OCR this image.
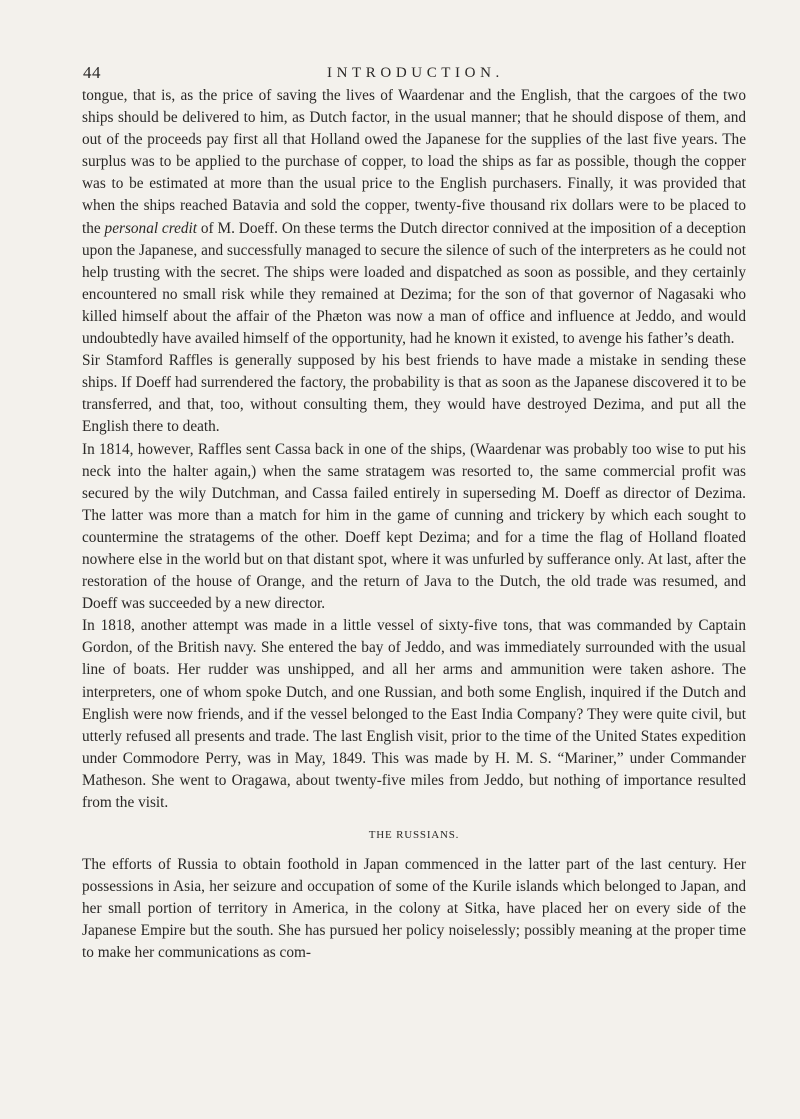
44	INTRODUCTION.

tongue, that is, as the price of saving the lives of Waardenar and the English, that the cargoes of the two ships should be delivered to him, as Dutch factor, in the usual manner; that he should dispose of them, and out of the proceeds pay first all that Holland owed the Japanese for the supplies of the last five years. The surplus was to be applied to the purchase of copper, to load the ships as far as possible, though the copper was to be estimated at more than the usual price to the English purchasers. Finally, it was provided that when the ships reached Batavia and sold the copper, twenty-five thousand rix dollars were to be placed to the personal credit of M. Doeff. On these terms the Dutch director connived at the imposition of a deception upon the Japanese, and successfully managed to secure the silence of such of the interpreters as he could not help trusting with the secret. The ships were loaded and dispatched as soon as possible, and they certainly encountered no small risk while they remained at Dezima; for the son of that governor of Nagasaki who killed himself about the affair of the Phæton was now a man of office and influence at Jeddo, and would undoubtedly have availed himself of the opportunity, had he known it existed, to avenge his father’s death.

Sir Stamford Raffles is generally supposed by his best friends to have made a mistake in sending these ships. If Doeff had surrendered the factory, the probability is that as soon as the Japanese discovered it to be transferred, and that, too, without consulting them, they would have destroyed Dezima, and put all the English there to death.

In 1814, however, Raffles sent Cassa back in one of the ships, (Waardenar was probably too wise to put his neck into the halter again,) when the same stratagem was resorted to, the same commercial profit was secured by the wily Dutchman, and Cassa failed entirely in superseding M. Doeff as director of Dezima. The latter was more than a match for him in the game of cunning and trickery by which each sought to countermine the stratagems of the other. Doeff kept Dezima; and for a time the flag of Holland floated nowhere else in the world but on that distant spot, where it was unfurled by sufferance only. At last, after the restoration of the house of Orange, and the return of Java to the Dutch, the old trade was resumed, and Doeff was succeeded by a new director.

In 1818, another attempt was made in a little vessel of sixty-five tons, that was commanded by Captain Gordon, of the British navy. She entered the bay of Jeddo, and was immediately surrounded with the usual line of boats. Her rudder was unshipped, and all her arms and ammunition were taken ashore. The interpreters, one of whom spoke Dutch, and one Russian, and both some English, inquired if the Dutch and English were now friends, and if the vessel belonged to the East India Company? They were quite civil, but utterly refused all presents and trade. The last English visit, prior to the time of the United States expedition under Commodore Perry, was in May, 1849. This was made by H. M. S. “Mariner,” under Commander Matheson. She went to Oragawa, about twenty-five miles from Jeddo, but nothing of importance resulted from the visit.

THE RUSSIANS.

The efforts of Russia to obtain foothold in Japan commenced in the latter part of the last century. Her possessions in Asia, her seizure and occupation of some of the Kurile islands which belonged to Japan, and her small portion of territory in America, in the colony at Sitka, have placed her on every side of the Japanese Empire but the south. She has pursued her policy noiselessly; possibly meaning at the proper time to make her communications as com-
